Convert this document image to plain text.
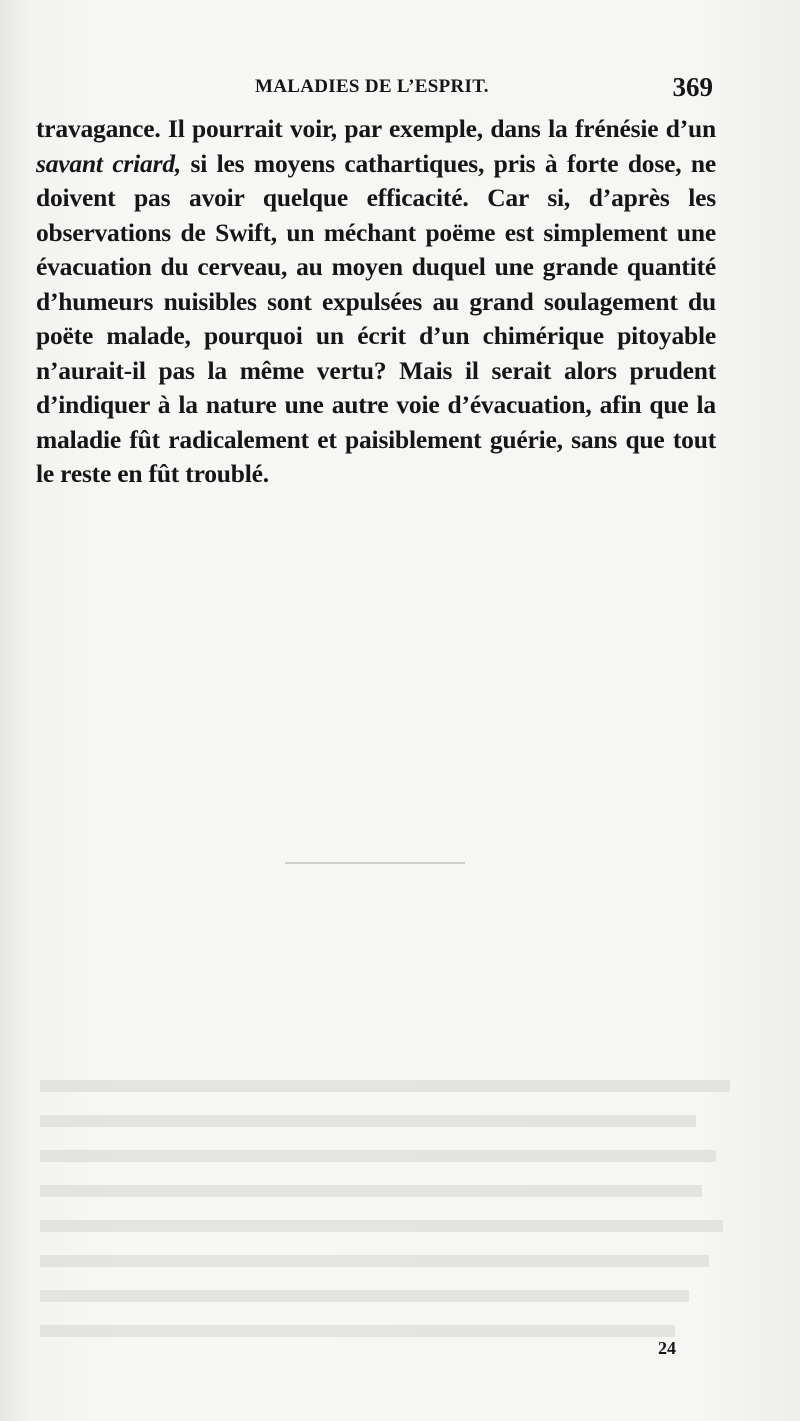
MALADIES DE L’ESPRIT.	369

travagance. Il pourrait voir, par exemple, dans la frénésie d’un savant criard, si les moyens cathartiques, pris à forte dose, ne doivent pas avoir quelque efficacité. Car si, d’après les observations de Swift, un méchant poëme est simplement une évacuation du cerveau, au moyen duquel une grande quantité d’humeurs nuisibles sont expulsées au grand soulagement du poëte malade, pourquoi un écrit d’un chimérique pitoyable n’aurait-il pas la même vertu? Mais il serait alors prudent d’indiquer à la nature une autre voie d’évacuation, afin que la maladie fût radicalement et paisiblement guérie, sans que tout le reste en fût troublé.

24
